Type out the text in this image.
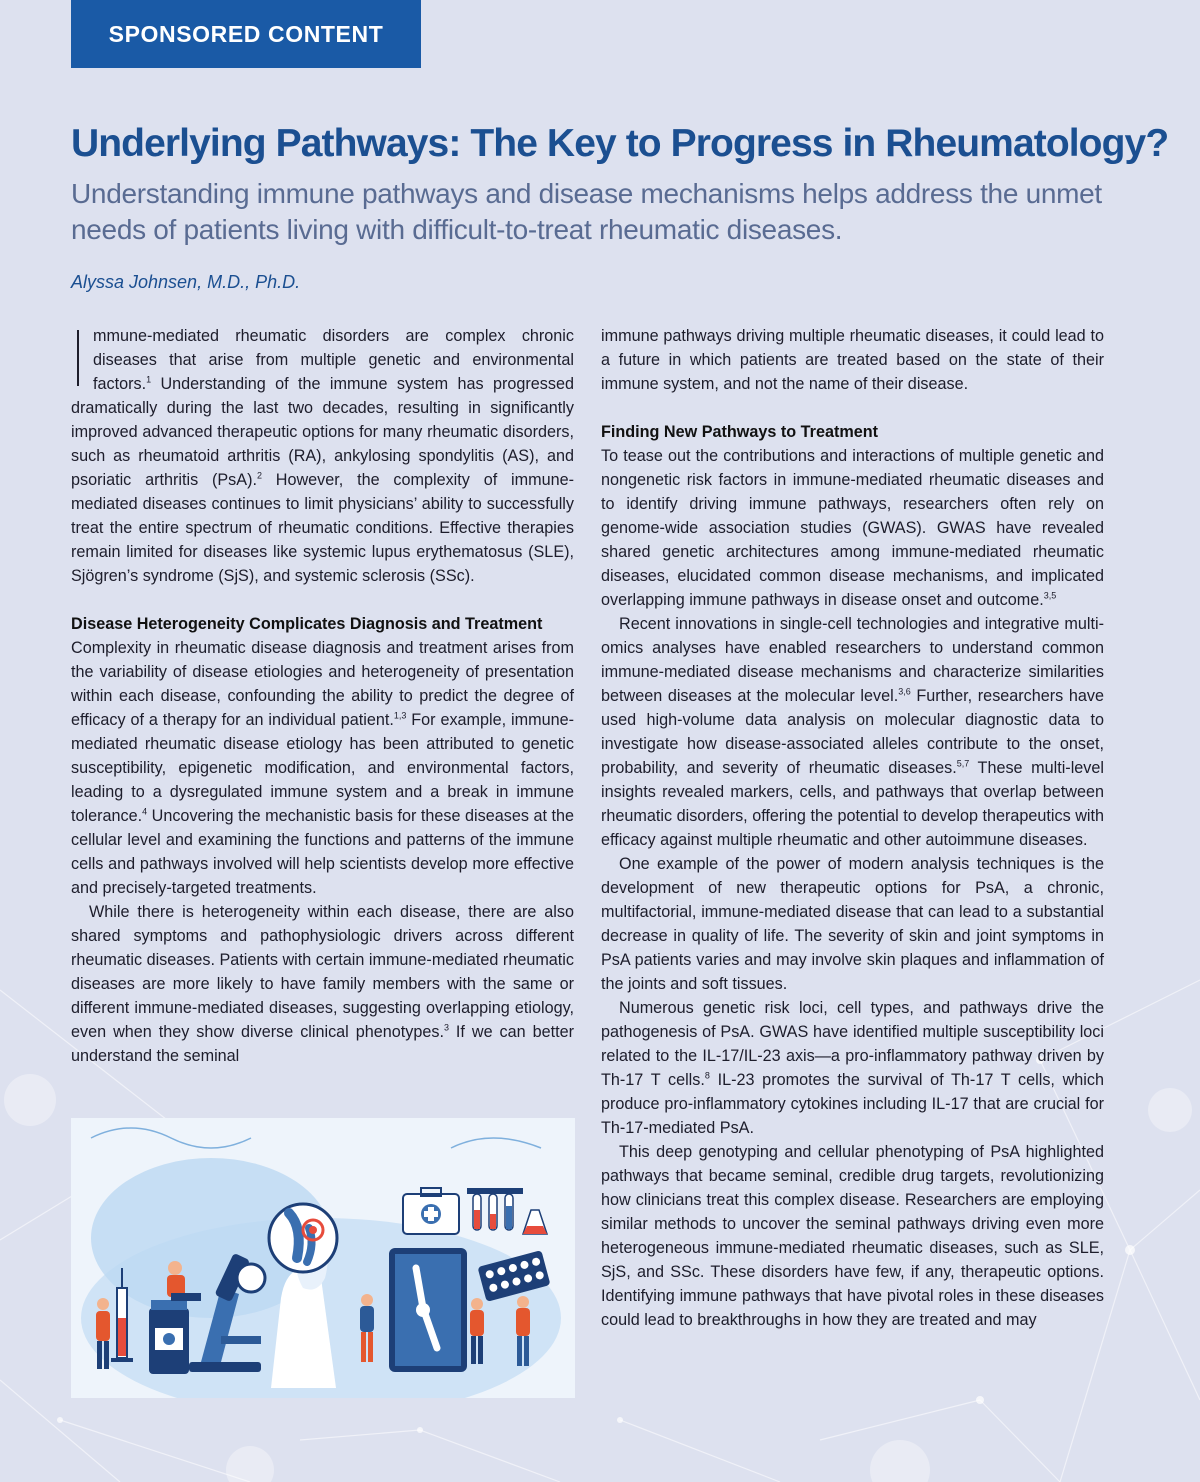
SPONSORED CONTENT
Underlying Pathways: The Key to Progress in Rheumatology?

Understanding immune pathways and disease mechanisms helps address the unmet needs of patients living with difficult-to-treat rheumatic diseases.

Alyssa Johnsen, M.D., Ph.D.

mmune-mediated rheumatic disorders are complex chronic diseases that arise from multiple genetic and environmental factors.$^1$ Understanding of the immune system has progressed dramatically during the last two decades, resulting in significantly improved advanced therapeutic options for many rheumatic disorders, such as rheumatoid arthritis (RA), ankylosing spondylitis (AS), and psoriatic arthritis (PsA).$^2$ However, the complexity of immune-mediated diseases continues to limit physicians’ ability to successfully treat the entire spectrum of rheumatic conditions. Effective therapies remain limited for diseases like systemic lupus erythematosus (SLE), Sjögren’s syndrome (SjS), and systemic sclerosis (SSc).

Disease Heterogeneity Complicates Diagnosis and Treatment

Complexity in rheumatic disease diagnosis and treatment arises from the variability of disease etiologies and heterogeneity of presentation within each disease, confounding the ability to predict the degree of efficacy of a therapy for an individual patient.$^{1,3}$ For example, immune-mediated rheumatic disease etiology has been attributed to genetic susceptibility, epigenetic modification, and environmental factors, leading to a dysregulated immune system and a break in immune tolerance.$^4$ Uncovering the mechanistic basis for these diseases at the cellular level and examining the functions and patterns of the immune cells and pathways involved will help scientists develop more effective and precisely-targeted treatments.

While there is heterogeneity within each disease, there are also shared symptoms and pathophysiologic drivers across different rheumatic diseases. Patients with certain immune-mediated rheumatic diseases are more likely to have family members with the same or different immune-mediated diseases, suggesting overlapping etiology, even when they show diverse clinical phenotypes.$^3$ If we can better understand the seminal

immune pathways driving multiple rheumatic diseases, it could lead to a future in which patients are treated based on the state of their immune system, and not the name of their disease.

Finding New Pathways to Treatment

To tease out the contributions and interactions of multiple genetic and nongenetic risk factors in immune-mediated rheumatic diseases and to identify driving immune pathways, researchers often rely on genome-wide association studies (GWAS). GWAS have revealed shared genetic architectures among immune-mediated rheumatic diseases, elucidated common disease mechanisms, and implicated overlapping immune pathways in disease onset and outcome.$^{3,5}$

Recent innovations in single-cell technologies and integrative multi-omics analyses have enabled researchers to understand common immune-mediated disease mechanisms and characterize similarities between diseases at the molecular level.$^{3,6}$ Further, researchers have used high-volume data analysis on molecular diagnostic data to investigate how disease-associated alleles contribute to the onset, probability, and severity of rheumatic diseases.$^{5,7}$ These multi-level insights revealed markers, cells, and pathways that overlap between rheumatic disorders, offering the potential to develop therapeutics with efficacy against multiple rheumatic and other autoimmune diseases.

One example of the power of modern analysis techniques is the development of new therapeutic options for PsA, a chronic, multifactorial, immune-mediated disease that can lead to a substantial decrease in quality of life. The severity of skin and joint symptoms in PsA patients varies and may involve skin plaques and inflammation of the joints and soft tissues.

Numerous genetic risk loci, cell types, and pathways drive the pathogenesis of PsA. GWAS have identified multiple susceptibility loci related to the IL-17/IL-23 axis—a pro-inflammatory pathway driven by Th-17 T cells.$^8$ IL-23 promotes the survival of Th-17 T cells, which produce pro-inflammatory cytokines including IL-17 that are crucial for Th-17-mediated PsA.

This deep genotyping and cellular phenotyping of PsA highlighted pathways that became seminal, credible drug targets, revolutionizing how clinicians treat this complex disease. Researchers are employing similar methods to uncover the seminal pathways driving even more heterogeneous immune-mediated rheumatic diseases, such as SLE, SjS, and SSc. These disorders have few, if any, therapeutic options. Identifying immune pathways that have pivotal roles in these diseases could lead to breakthroughs in how they are treated and may
